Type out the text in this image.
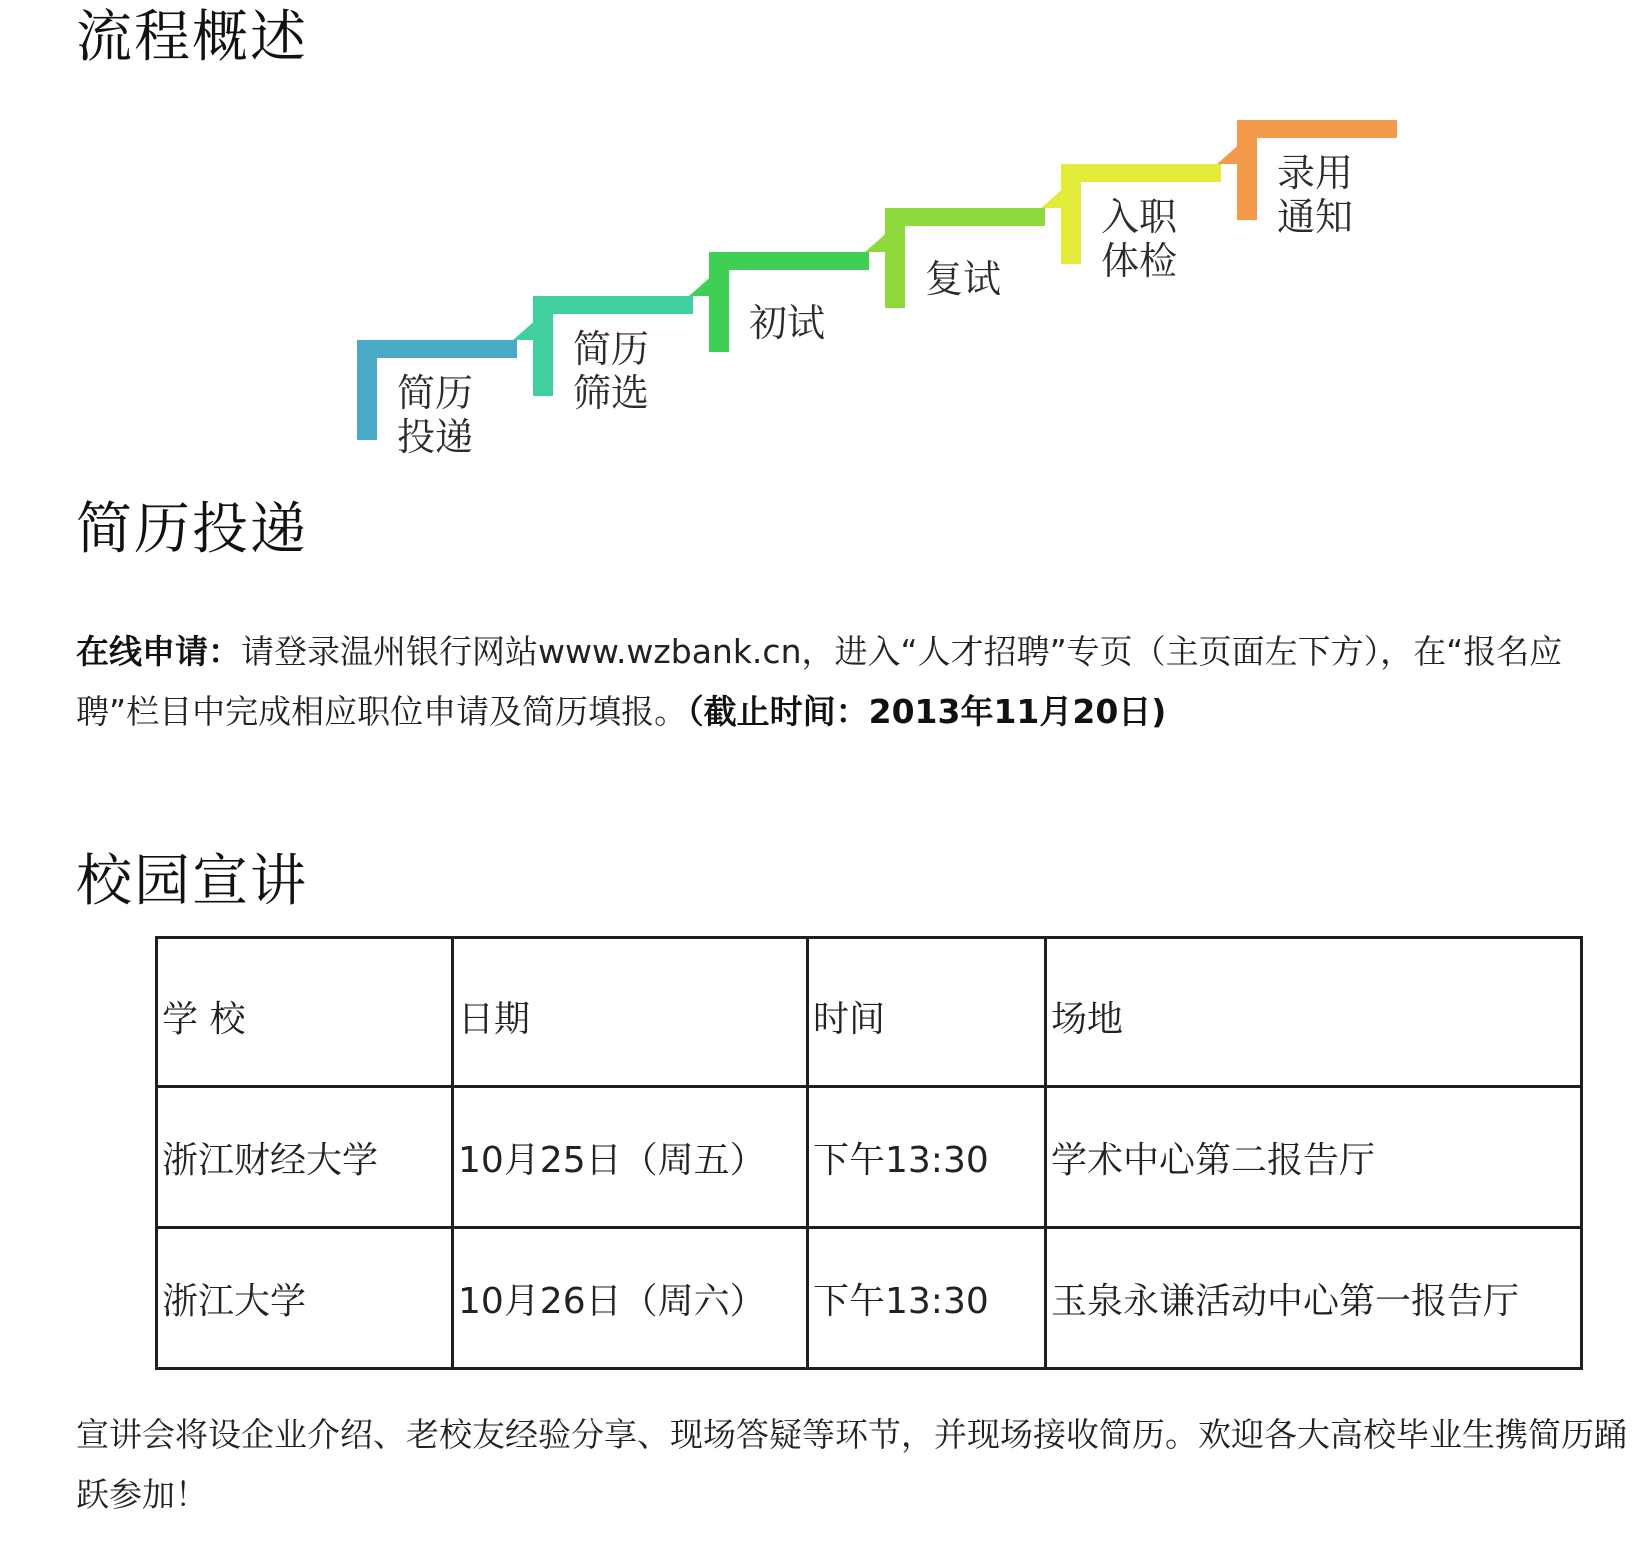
流程概述
简历
投递
简历
筛选
初试
复试
入职
体检
录用
通知
简历投递

在线申请：请登录温州银行网站www.wzbank.cn，进入“人才招聘”专页（主页面左下方），在“报名应聘”栏目中完成相应职位申请及简历填报。（截止时间：2013年11月20日)

校园宣讲
学 校	日期	时间	场地
浙江财经大学	10月25日（周五）	下午13:30	学术中心第二报告厅
浙江大学	10月26日（周六）	下午13:30	玉泉永谦活动中心第一报告厅

宣讲会将设企业介绍、老校友经验分享、现场答疑等环节，并现场接收简历。欢迎各大高校毕业生携简历踊跃参加！
